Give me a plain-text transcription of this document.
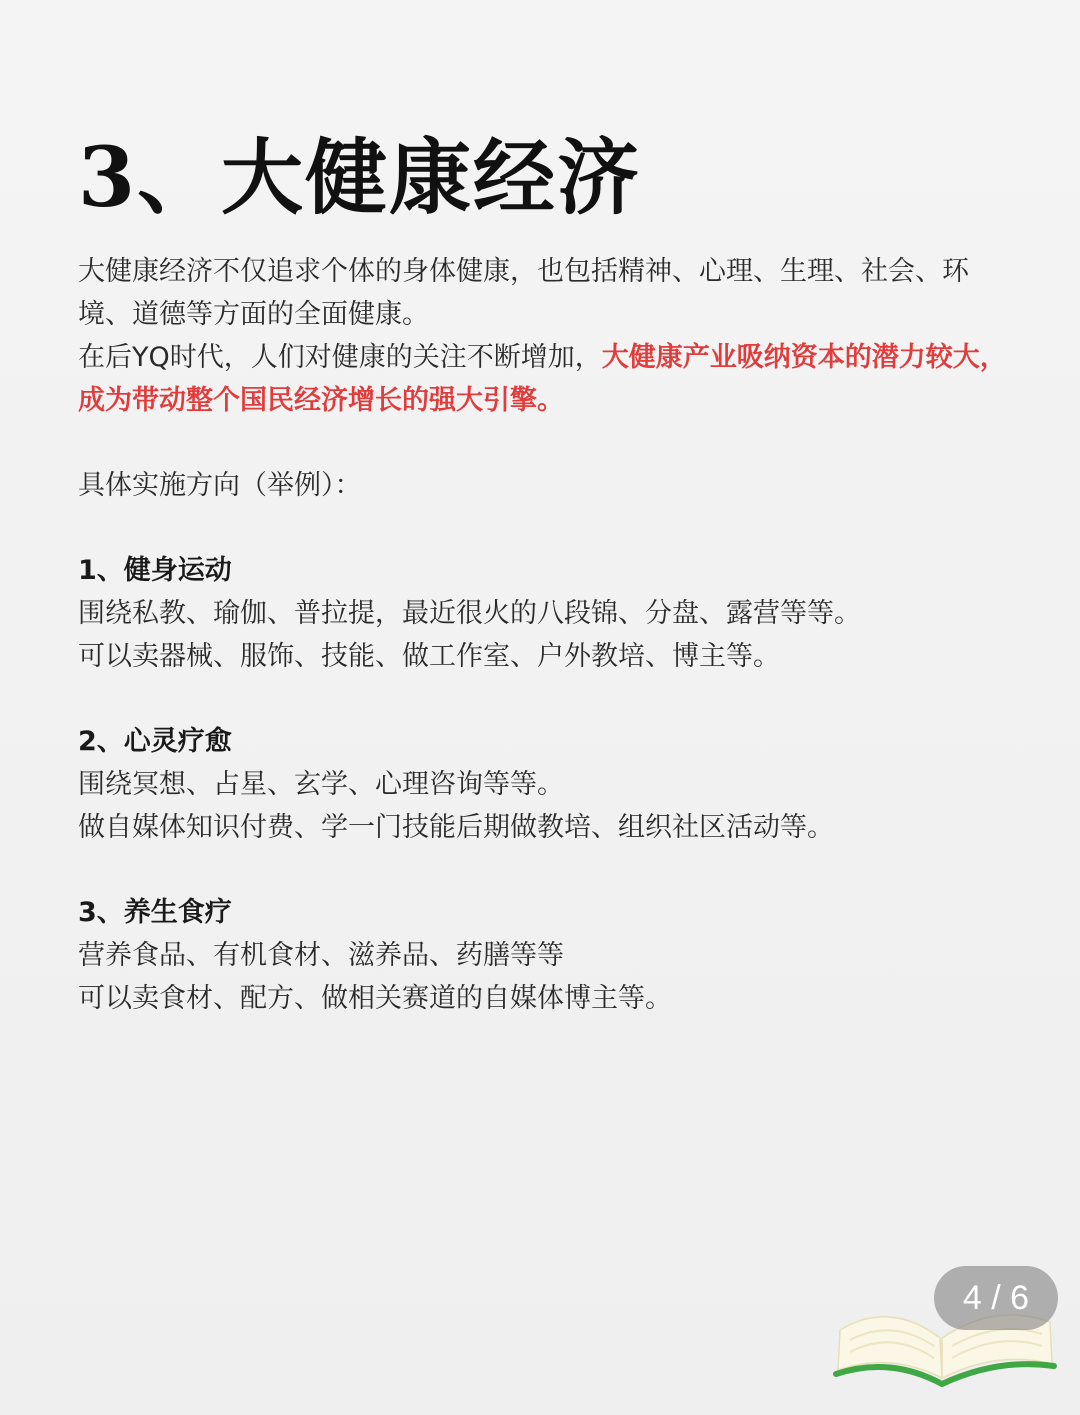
3、大健康经济

大健康经济不仅追求个体的身体健康，也包括精神、心理、生理、社会、环

境、道德等方面的全面健康。

在后YQ时代，人们对健康的关注不断增加，大健康产业吸纳资本的潜力较大，

成为带动整个国民经济增长的强大引擎。

具体实施方向（举例）：

1、健身运动

围绕私教、瑜伽、普拉提，最近很火的八段锦、分盘、露营等等。

可以卖器械、服饰、技能、做工作室、户外教培、博主等。

2、心灵疗愈

围绕冥想、占星、玄学、心理咨询等等。

做自媒体知识付费、学一门技能后期做教培、组织社区活动等。

3、养生食疗

营养食品、有机食材、滋养品、药膳等等

可以卖食材、配方、做相关赛道的自媒体博主等。

4 / 6
